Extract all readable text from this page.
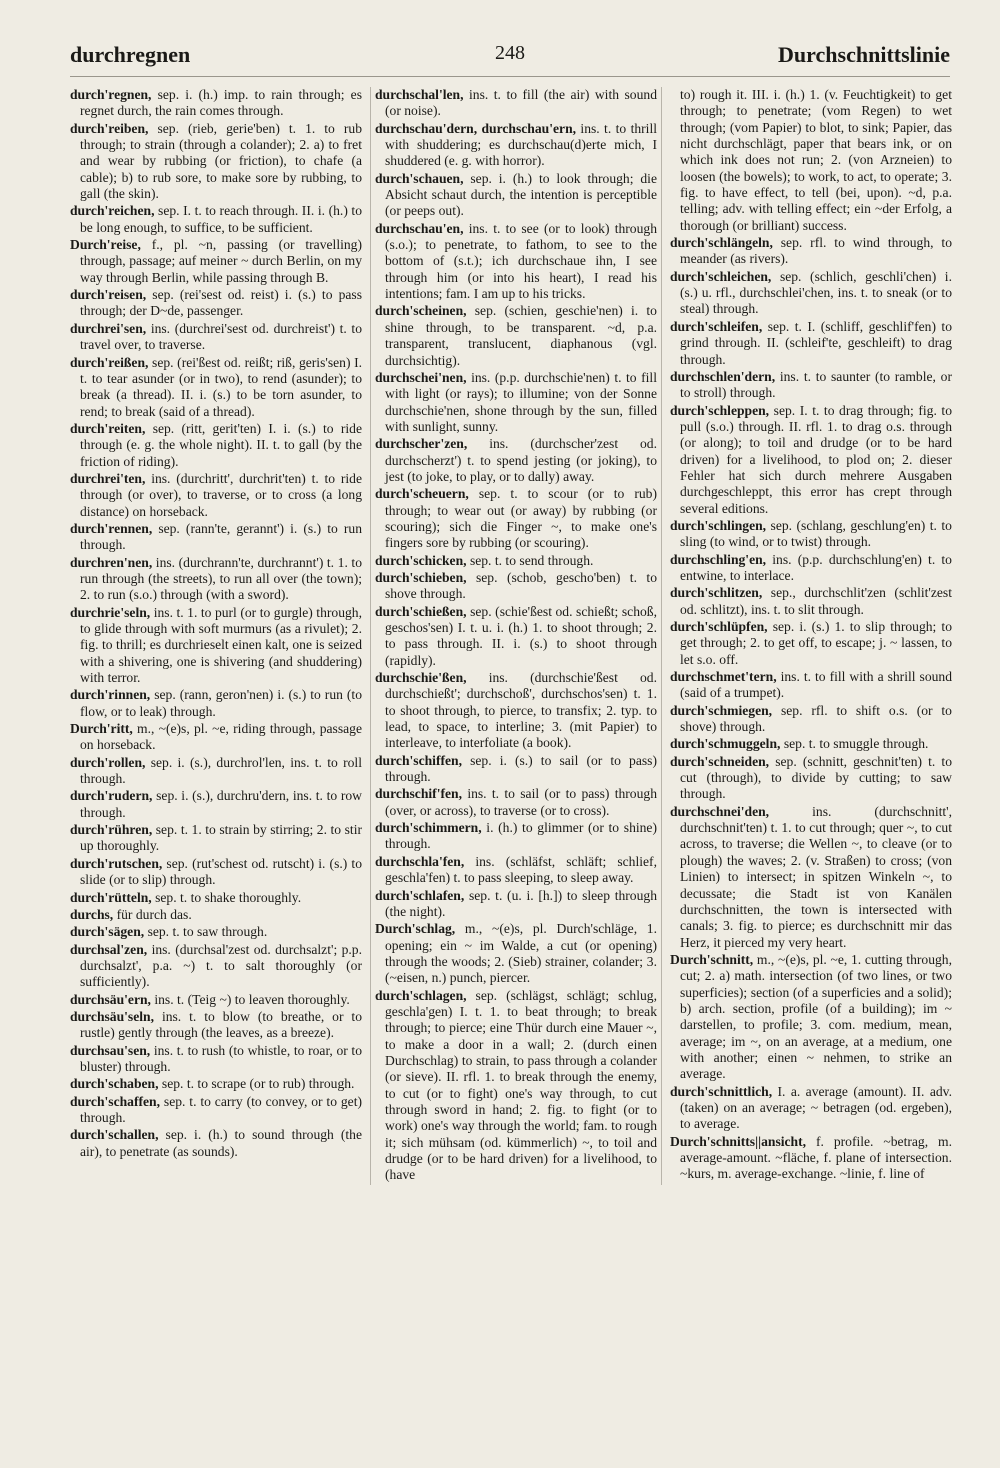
durchregnen	248	Durchschnittslinie

durch'regnen, sep. i. (h.) imp. to rain through; es regnet durch, the rain comes through.

durch'reiben, sep. (rieb, gerie'ben) t. 1. to rub through; to strain (through a colander); 2. a) to fret and wear by rubbing (or friction), to chafe (a cable); b) to rub sore, to make sore by rubbing, to gall (the skin).

durch'reichen, sep. I. t. to reach through. II. i. (h.) to be long enough, to suffice, to be sufficient.

Durch'reise, f., pl. ~n, passing (or travelling) through, passage; auf meiner ~ durch Berlin, on my way through Berlin, while passing through B.

durch'reisen, sep. (rei'sest od. reist) i. (s.) to pass through; der D~de, passenger.

durchrei'sen, ins. (durchrei'sest od. durchreist') t. to travel over, to traverse.

durch'reißen, sep. (rei'ßest od. reißt; riß, geris'sen) I. t. to tear asunder (or in two), to rend (asunder); to break (a thread). II. i. (s.) to be torn asunder, to rend; to break (said of a thread).

durch'reiten, sep. (ritt, gerit'ten) I. i. (s.) to ride through (e. g. the whole night). II. t. to gall (by the friction of riding).

durchrei'ten, ins. (durchritt', durchrit'ten) t. to ride through (or over), to traverse, or to cross (a long distance) on horseback.

durch'rennen, sep. (rann'te, gerannt') i. (s.) to run through.

durchren'nen, ins. (durchrann'te, durchrannt') t. 1. to run through (the streets), to run all over (the town); 2. to run (s.o.) through (with a sword).

durchrie'seln, ins. t. 1. to purl (or to gurgle) through, to glide through with soft murmurs (as a rivulet); 2. fig. to thrill; es durchrieselt einen kalt, one is seized with a shivering, one is shivering (and shuddering) with terror.

durch'rinnen, sep. (rann, geron'nen) i. (s.) to run (to flow, or to leak) through.

Durch'ritt, m., ~(e)s, pl. ~e, riding through, passage on horseback.

durch'rollen, sep. i. (s.), durchrol'len, ins. t. to roll through.

durch'rudern, sep. i. (s.), durchru'dern, ins. t. to row through.

durch'rühren, sep. t. 1. to strain by stirring; 2. to stir up thoroughly.

durch'rutschen, sep. (rut'schest od. rutscht) i. (s.) to slide (or to slip) through.

durch'rütteln, sep. t. to shake thoroughly.

durchs, für durch das.

durch'sägen, sep. t. to saw through.

durchsal'zen, ins. (durchsal'zest od. durchsalzt'; p.p. durchsalzt', p.a. ~) t. to salt thoroughly (or sufficiently).

durchsäu'ern, ins. t. (Teig ~) to leaven thoroughly.

durchsäu'seln, ins. t. to blow (to breathe, or to rustle) gently through (the leaves, as a breeze).

durchsau'sen, ins. t. to rush (to whistle, to roar, or to bluster) through.

durch'schaben, sep. t. to scrape (or to rub) through.

durch'schaffen, sep. t. to carry (to convey, or to get) through.

durch'schallen, sep. i. (h.) to sound through (the air), to penetrate (as sounds).

durchschal'len, ins. t. to fill (the air) with sound (or noise).

durchschau'dern, durchschau'ern, ins. t. to thrill with shuddering; es durchschau(d)erte mich, I shuddered (e. g. with horror).

durch'schauen, sep. i. (h.) to look through; die Absicht schaut durch, the intention is perceptible (or peeps out).

durchschau'en, ins. t. to see (or to look) through (s.o.); to penetrate, to fathom, to see to the bottom of (s.t.); ich durchschaue ihn, I see through him (or into his heart), I read his intentions; fam. I am up to his tricks.

durch'scheinen, sep. (schien, geschie'nen) i. to shine through, to be transparent. ~d, p.a. transparent, translucent, diaphanous (vgl. durchsichtig).

durchschei'nen, ins. (p.p. durchschie'nen) t. to fill with light (or rays); to illumine; von der Sonne durchschie'nen, shone through by the sun, filled with sunlight, sunny.

durchscher'zen, ins. (durchscher'zest od. durchscherzt') t. to spend jesting (or joking), to jest (to joke, to play, or to dally) away.

durch'scheuern, sep. t. to scour (or to rub) through; to wear out (or away) by rubbing (or scouring); sich die Finger ~, to make one's fingers sore by rubbing (or scouring).

durch'schicken, sep. t. to send through.

durch'schieben, sep. (schob, gescho'ben) t. to shove through.

durch'schießen, sep. (schie'ßest od. schießt; schoß, geschos'sen) I. t. u. i. (h.) 1. to shoot through; 2. to pass through. II. i. (s.) to shoot through (rapidly).

durchschie'ßen, ins. (durchschie'ßest od. durchschießt'; durchschoß', durchschos'sen) t. 1. to shoot through, to pierce, to transfix; 2. typ. to lead, to space, to interline; 3. (mit Papier) to interleave, to interfoliate (a book).

durch'schiffen, sep. i. (s.) to sail (or to pass) through.

durchschif'fen, ins. t. to sail (or to pass) through (over, or across), to traverse (or to cross).

durch'schimmern, i. (h.) to glimmer (or to shine) through.

durchschla'fen, ins. (schläfst, schläft; schlief, geschla'fen) t. to pass sleeping, to sleep away.

durch'schlafen, sep. t. (u. i. [h.]) to sleep through (the night).

Durch'schlag, m., ~(e)s, pl. Durch'schläge, 1. opening; ein ~ im Walde, a cut (or opening) through the woods; 2. (Sieb) strainer, colander; 3. (~eisen, n.) punch, piercer.

durch'schlagen, sep. (schlägst, schlägt; schlug, geschla'gen) I. t. 1. to beat through; to break through; to pierce; eine Thür durch eine Mauer ~, to make a door in a wall; 2. (durch einen Durchschlag) to strain, to pass through a colander (or sieve). II. rfl. 1. to break through the enemy, to cut (or to fight) one's way through, to cut through sword in hand; 2. fig. to fight (or to work) one's way through the world; fam. to rough it; sich mühsam (od. kümmerlich) ~, to toil and drudge (or to be hard driven) for a livelihood, to (have

to) rough it. III. i. (h.) 1. (v. Feuchtigkeit) to get through; to penetrate; (vom Regen) to wet through; (vom Papier) to blot, to sink; Papier, das nicht durchschlägt, paper that bears ink, or on which ink does not run; 2. (von Arzneien) to loosen (the bowels); to work, to act, to operate; 3. fig. to have effect, to tell (bei, upon). ~d, p.a. telling; adv. with telling effect; ein ~der Erfolg, a thorough (or brilliant) success.

durch'schlängeln, sep. rfl. to wind through, to meander (as rivers).

durch'schleichen, sep. (schlich, geschli'chen) i. (s.) u. rfl., durchschlei'chen, ins. t. to sneak (or to steal) through.

durch'schleifen, sep. t. I. (schliff, geschlif'fen) to grind through. II. (schleif'te, geschleift) to drag through.

durchschlen'dern, ins. t. to saunter (to ramble, or to stroll) through.

durch'schleppen, sep. I. t. to drag through; fig. to pull (s.o.) through. II. rfl. 1. to drag o.s. through (or along); to toil and drudge (or to be hard driven) for a livelihood, to plod on; 2. dieser Fehler hat sich durch mehrere Ausgaben durchgeschleppt, this error has crept through several editions.

durch'schlingen, sep. (schlang, geschlung'en) t. to sling (to wind, or to twist) through.

durchschling'en, ins. (p.p. durchschlung'en) t. to entwine, to interlace.

durch'schlitzen, sep., durchschlit'zen (schlit'zest od. schlitzt), ins. t. to slit through.

durch'schlüpfen, sep. i. (s.) 1. to slip through; to get through; 2. to get off, to escape; j. ~ lassen, to let s.o. off.

durchschmet'tern, ins. t. to fill with a shrill sound (said of a trumpet).

durch'schmiegen, sep. rfl. to shift o.s. (or to shove) through.

durch'schmuggeln, sep. t. to smuggle through.

durch'schneiden, sep. (schnitt, geschnit'ten) t. to cut (through), to divide by cutting; to saw through.

durchschnei'den,	ins. (durchschnitt', durchschnit'ten) t. 1. to cut through; quer ~, to cut across, to traverse; die Wellen ~, to cleave (or to plough) the waves; 2. (v. Straßen) to cross; (von Linien) to intersect; in spitzen Winkeln ~, to decussate; die Stadt ist von Kanälen durchschnitten, the town is intersected with canals; 3. fig. to pierce; es durchschnitt mir das Herz, it pierced my very heart.

Durch'schnitt, m., ~(e)s, pl. ~e, 1. cutting through, cut; 2. a) math. intersection (of two lines, or two superficies); section (of a superficies and a solid); b) arch. section, profile (of a building); im ~ darstellen, to profile; 3. com. medium, mean, average; im ~, on an average, at a medium, one with another; einen ~ nehmen, to strike an average.

durch'schnittlich, I. a. average (amount). II. adv. (taken) on an average; ~ betragen (od. ergeben), to average.

Durch'schnitts||ansicht, f. profile. ~betrag, m. average-amount. ~fläche, f. plane of intersection. ~kurs, m. average-exchange. ~linie, f. line of
